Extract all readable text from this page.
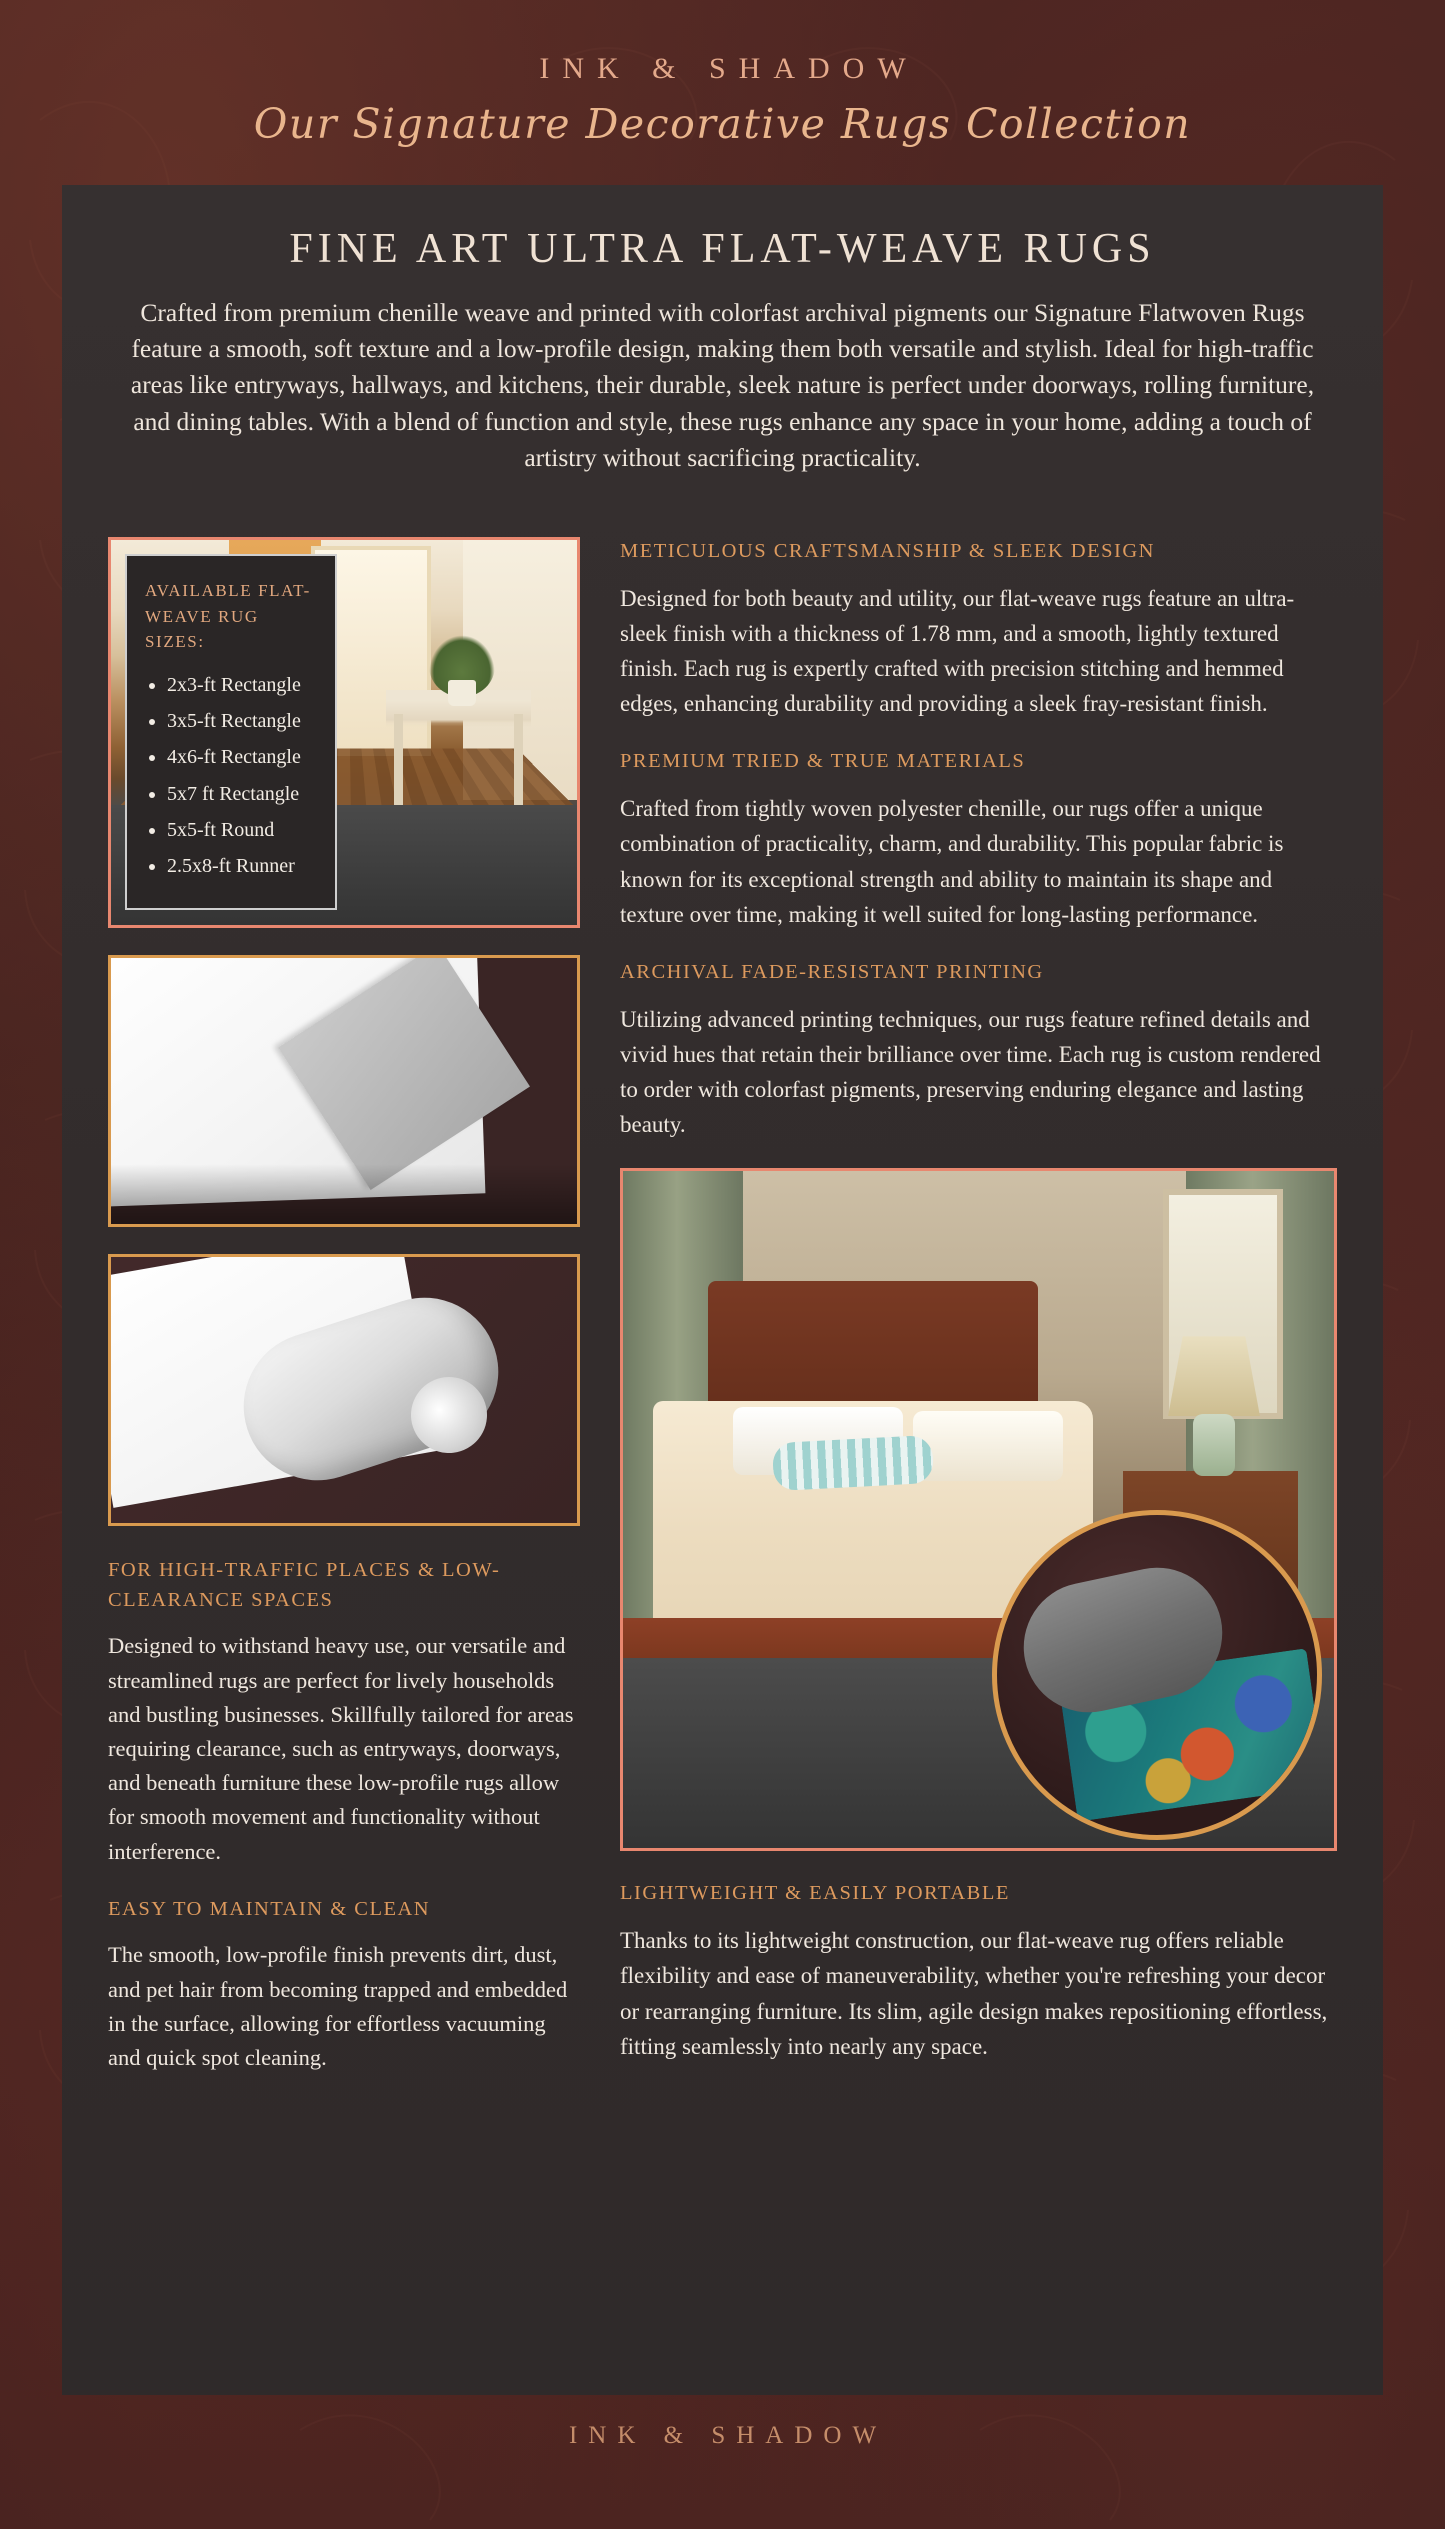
INK & SHADOW
Our Signature Decorative Rugs Collection
FINE ART ULTRA FLAT-WEAVE RUGS

Crafted from premium chenille weave and printed with colorfast archival pigments our Signature Flatwoven Rugs feature a smooth, soft texture and a low-profile design, making them both versatile and stylish. Ideal for high-traffic areas like entryways, hallways, and kitchens, their durable, sleek nature is perfect under doorways, rolling furniture, and dining tables. With a blend of function and style, these rugs enhance any space in your home, adding a touch of artistry without sacrificing practicality.

AVAILABLE FLAT-WEAVE RUG SIZES:
• 2x3-ft Rectangle
• 3x5-ft Rectangle
• 4x6-ft Rectangle
• 5x7 ft Rectangle
• 5x5-ft Round
• 2.5x8-ft Runner
FOR HIGH-TRAFFIC PLACES & LOW-CLEARANCE SPACES

Designed to withstand heavy use, our versatile and streamlined rugs are perfect for lively households and bustling businesses. Skillfully tailored for areas requiring clearance, such as entryways, doorways, and beneath furniture these low-profile rugs allow for smooth movement and functionality without interference.

EASY TO MAINTAIN & CLEAN

The smooth, low-profile finish prevents dirt, dust, and pet hair from becoming trapped and embedded in the surface, allowing for effortless vacuuming and quick spot cleaning.

METICULOUS CRAFTSMANSHIP & SLEEK DESIGN

Designed for both beauty and utility, our flat-weave rugs feature an ultra-sleek finish with a thickness of 1.78 mm, and a smooth, lightly textured finish. Each rug is expertly crafted with precision stitching and hemmed edges, enhancing durability and providing a sleek fray-resistant finish.

PREMIUM TRIED & TRUE MATERIALS

Crafted from tightly woven polyester chenille, our rugs offer a unique combination of practicality, charm, and durability. This popular fabric is known for its exceptional strength and ability to maintain its shape and texture over time, making it well suited for long-lasting performance.

ARCHIVAL FADE-RESISTANT PRINTING

Utilizing advanced printing techniques, our rugs feature refined details and vivid hues that retain their brilliance over time. Each rug is custom rendered to order with colorfast pigments, preserving enduring elegance and lasting beauty.

LIGHTWEIGHT & EASILY PORTABLE

Thanks to its lightweight construction, our flat-weave rug offers reliable flexibility and ease of maneuverability, whether you're refreshing your decor or rearranging furniture. Its slim, agile design makes repositioning effortless, fitting seamlessly into nearly any space.

INK & SHADOW
